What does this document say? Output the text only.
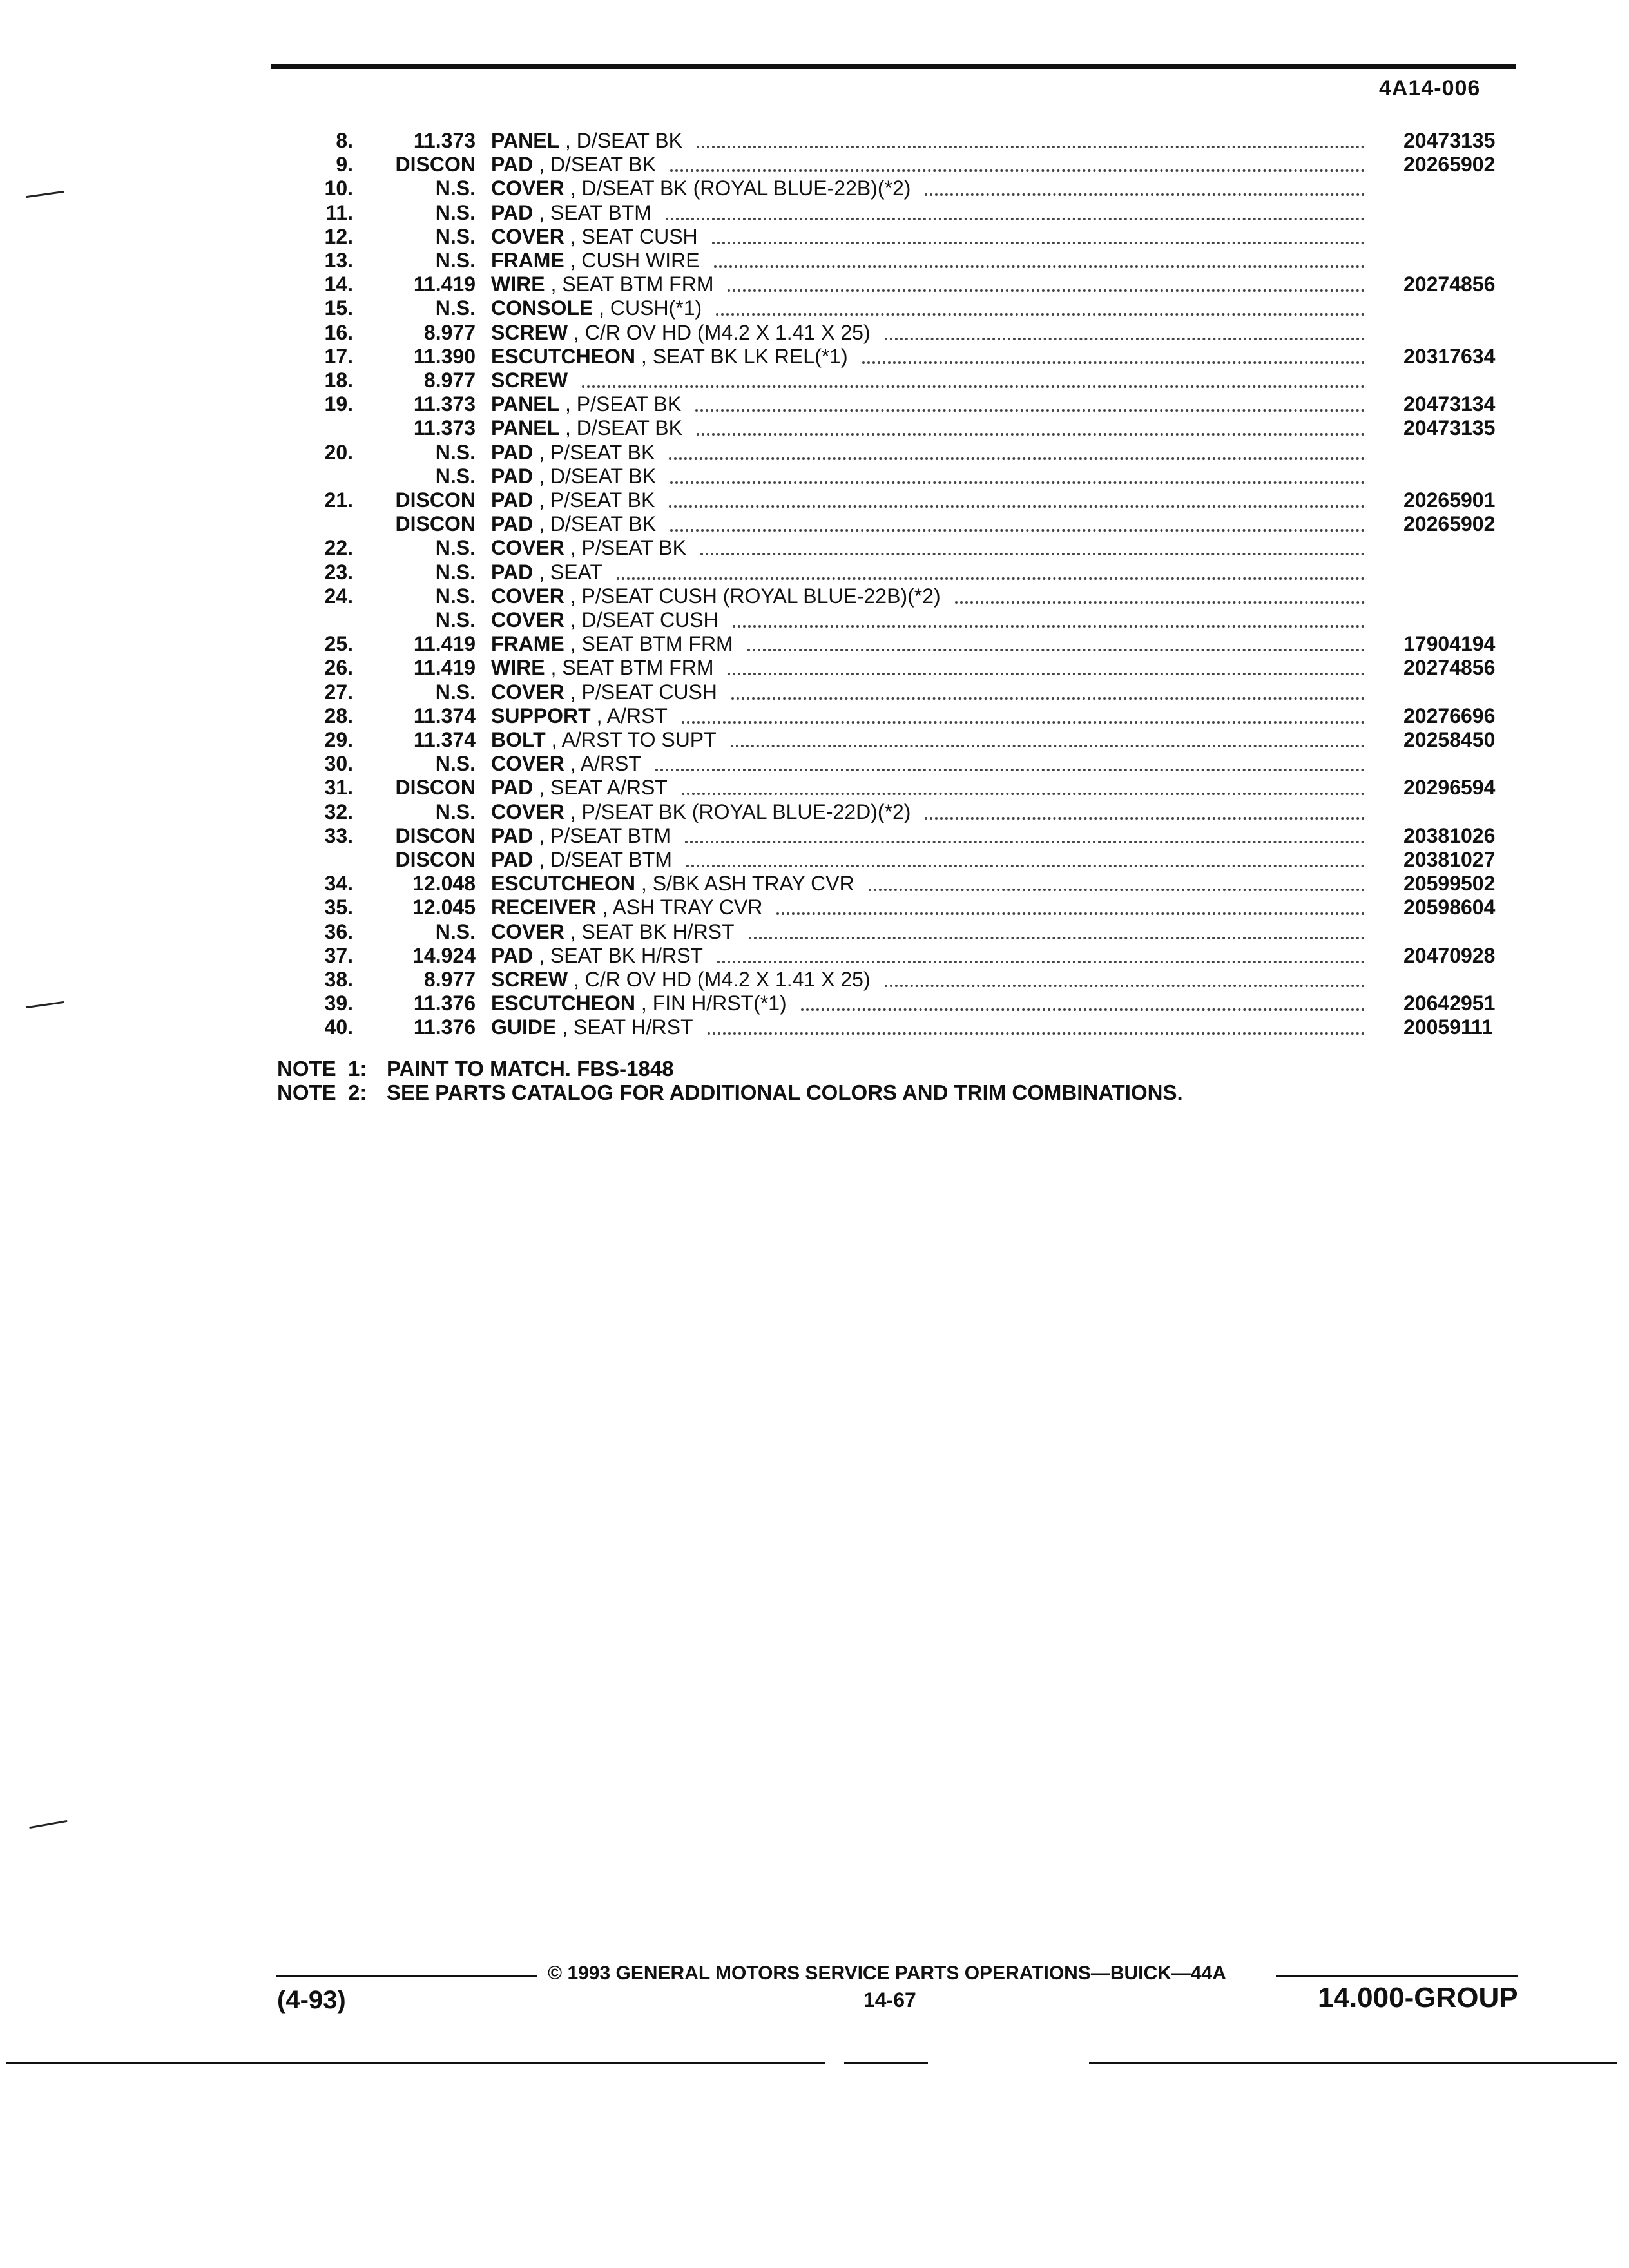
4A14-006
8.	11.373 PANEL , D/SEAT BK	20473135
9. DISCON PAD , D/SEAT BK	20265902
10.	N.S. COVER , D/SEAT BK (ROYAL BLUE-22B)(*2)
11.	N.S. PAD , SEAT BTM
12.	N.S. COVER , SEAT CUSH
13.	N.S. FRAME , CUSH WIRE
14.	11.419 WIRE , SEAT BTM FRM	20274856
15.	N.S. CONSOLE , CUSH(*1)
16.	8.977 SCREW , C/R OV HD (M4.2 X 1.41 X 25)
17.	11.390 ESCUTCHEON , SEAT BK LK REL(*1)	20317634
18.	8.977 SCREW
19.	11.373 PANEL , P/SEAT BK	20473134
11.373 PANEL , D/SEAT BK	20473135
20.	N.S. PAD , P/SEAT BK
N.S. PAD , D/SEAT BK
21. DISCON PAD , P/SEAT BK	20265901
DISCON PAD , D/SEAT BK	20265902
22.	N.S. COVER , P/SEAT BK
23.	N.S. PAD , SEAT
24.	N.S. COVER , P/SEAT CUSH (ROYAL BLUE-22B)(*2)
N.S. COVER , D/SEAT CUSH
25.	11.419 FRAME , SEAT BTM FRM	17904194
26.	11.419 WIRE , SEAT BTM FRM	20274856
27.	N.S. COVER , P/SEAT CUSH
28.	11.374 SUPPORT , A/RST	20276696
29.	11.374 BOLT , A/RST TO SUPT	20258450
30.	N.S. COVER , A/RST
31. DISCON PAD , SEAT A/RST	20296594
32.	N.S. COVER , P/SEAT BK (ROYAL BLUE-22D)(*2)
33. DISCON PAD , P/SEAT BTM	20381026
DISCON PAD , D/SEAT BTM	20381027
34.	12.048 ESCUTCHEON , S/BK ASH TRAY CVR	20599502
35.	12.045 RECEIVER , ASH TRAY CVR	20598604
36.	N.S. COVER , SEAT BK H/RST
37.	14.924 PAD , SEAT BK H/RST	20470928
38.	8.977 SCREW , C/R OV HD (M4.2 X 1.41 X 25)
39.	11.376 ESCUTCHEON , FIN H/RST(*1)	20642951
40.	11.376 GUIDE , SEAT H/RST	20059111
NOTE  1: PAINT TO MATCH. FBS-1848
NOTE  2: SEE PARTS CATALOG FOR ADDITIONAL COLORS AND TRIM COMBINATIONS.
© 1993 GENERAL MOTORS SERVICE PARTS OPERATIONS—BUICK—44A
(4-93)	14-67	14.000-GROUP
